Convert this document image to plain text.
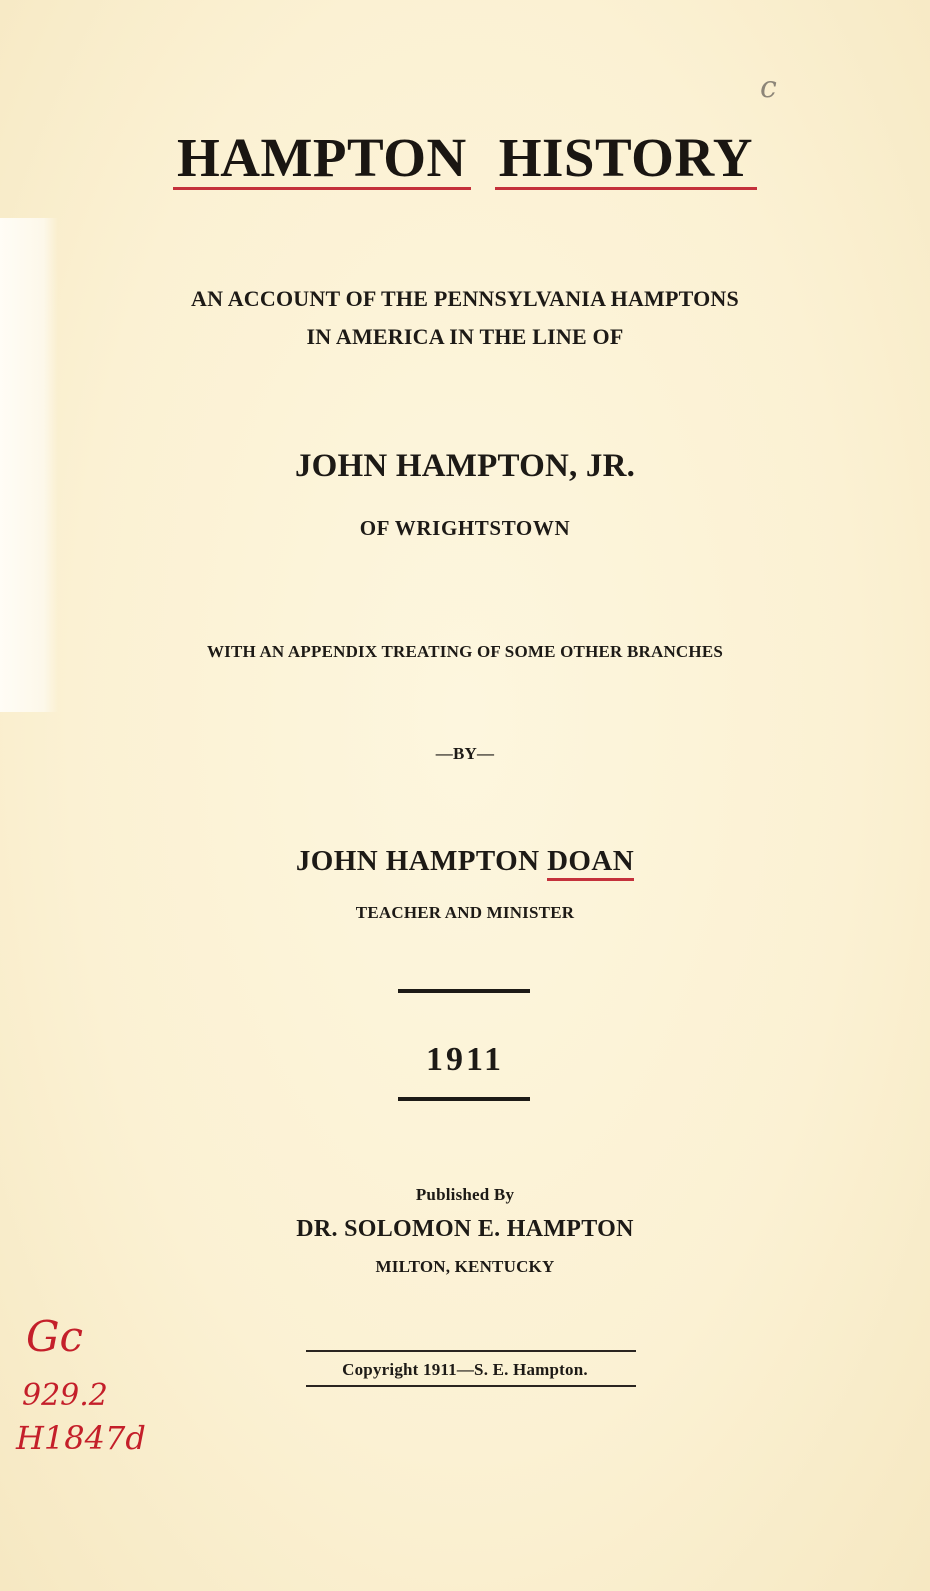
c
HAMPTON HISTORY

AN ACCOUNT OF THE PENNSYLVANIA HAMPTONS

IN AMERICA IN THE LINE OF

JOHN HAMPTON, JR.

OF WRIGHTSTOWN

WITH AN APPENDIX TREATING OF SOME OTHER BRANCHES

—BY—

JOHN HAMPTON DOAN

TEACHER AND MINISTER

1911

Published By

DR. SOLOMON E. HAMPTON

MILTON, KENTUCKY

Copyright 1911—S. E. Hampton.

Gc
929.2
H1847d
